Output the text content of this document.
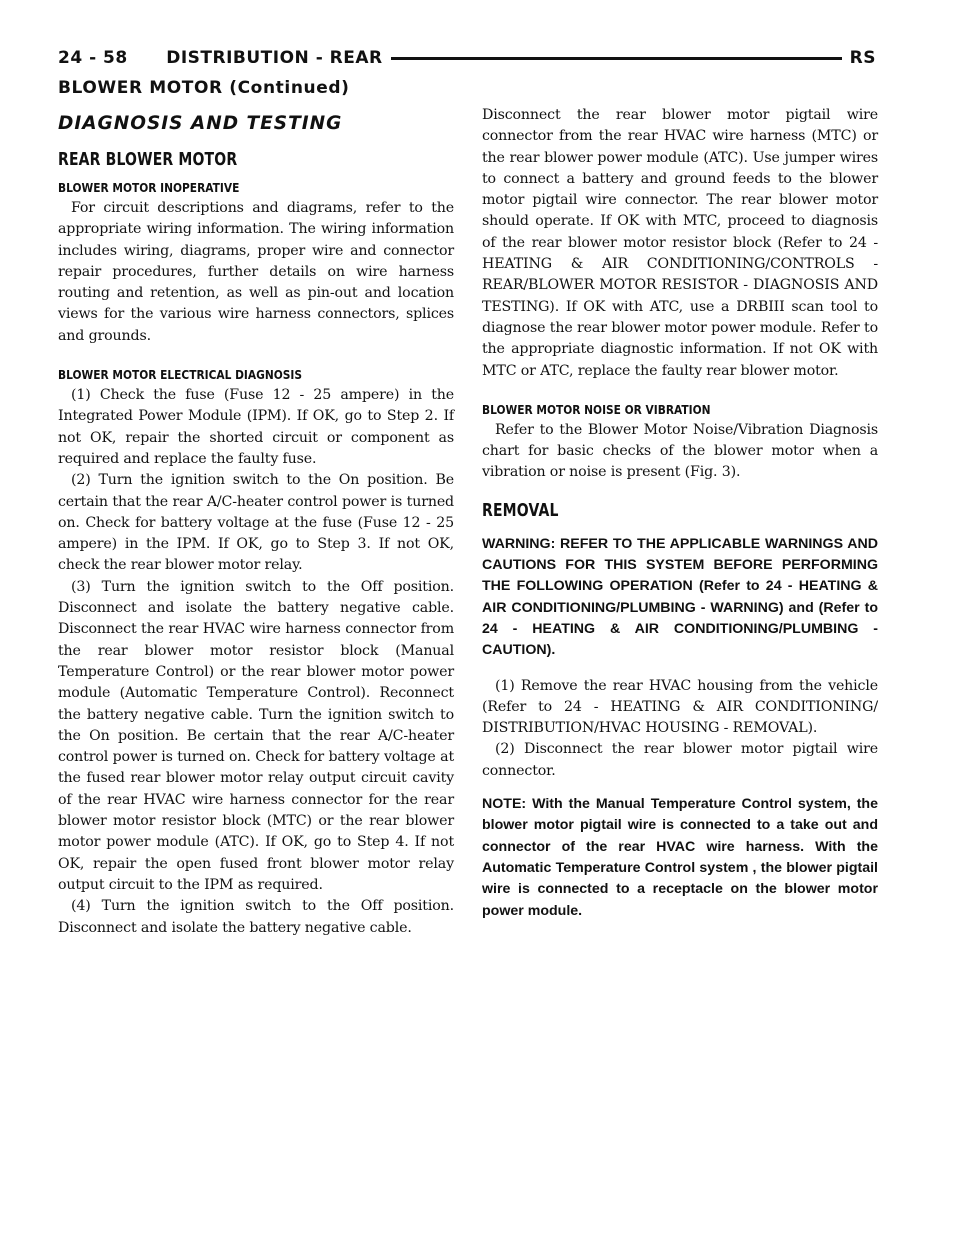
24 - 58      DISTRIBUTION - REAR	RS
BLOWER MOTOR (Continued)
DIAGNOSIS AND TESTING
REAR BLOWER MOTOR
BLOWER MOTOR INOPERATIVE

For circuit descriptions and diagrams, refer to the appropriate wiring information. The wiring information includes wiring, diagrams, proper wire and connector repair procedures, further details on wire harness routing and retention, as well as pin-out and location views for the various wire harness connectors, splices and grounds.

BLOWER MOTOR ELECTRICAL DIAGNOSIS

(1) Check the fuse (Fuse 12 - 25 ampere) in the Integrated Power Module (IPM). If OK, go to Step 2. If not OK, repair the shorted circuit or component as required and replace the faulty fuse.

(2) Turn the ignition switch to the On position. Be certain that the rear A/C-heater control power is turned on. Check for battery voltage at the fuse (Fuse 12 - 25 ampere) in the IPM. If OK, go to Step 3. If not OK, check the rear blower motor relay.

(3) Turn the ignition switch to the Off position. Disconnect and isolate the battery negative cable. Disconnect the rear HVAC wire harness connector from the rear blower motor resistor block (Manual Temperature Control) or the rear blower motor power module (Automatic Temperature Control). Reconnect the battery negative cable. Turn the ignition switch to the On position. Be certain that the rear A/C-heater control power is turned on. Check for battery voltage at the fused rear blower motor relay output circuit cavity of the rear HVAC wire harness connector for the rear blower motor resistor block (MTC) or the rear blower motor power module (ATC). If OK, go to Step 4. If not OK, repair the open fused front blower motor relay output circuit to the IPM as required.

(4) Turn the ignition switch to the Off position. Disconnect and isolate the battery negative cable.

Disconnect the rear blower motor pigtail wire connector from the rear HVAC wire harness (MTC) or the rear blower power module (ATC). Use jumper wires to connect a battery and ground feeds to the blower motor pigtail wire connector. The rear blower motor should operate. If OK with MTC, proceed to diagnosis of the rear blower motor resistor block (Refer to 24 - HEATING & AIR CONDITIONING/CONTROLS - REAR/BLOWER MOTOR RESISTOR - DIAGNOSIS AND TESTING). If OK with ATC, use a DRBIII scan tool to diagnose the rear blower motor power module. Refer to the appropriate diagnostic information. If not OK with MTC or ATC, replace the faulty rear blower motor.

BLOWER MOTOR NOISE OR VIBRATION

Refer to the Blower Motor Noise/Vibration Diagnosis chart for basic checks of the blower motor when a vibration or noise is present (Fig. 3).

REMOVAL

WARNING: REFER TO THE APPLICABLE WARNINGS AND CAUTIONS FOR THIS SYSTEM BEFORE PERFORMING THE FOLLOWING OPERATION (Refer to 24 - HEATING & AIR CONDITIONING/PLUMBING - WARNING) and (Refer to 24 - HEATING & AIR CONDITIONING/PLUMBING - CAUTION).

(1) Remove the rear HVAC housing from the vehicle (Refer to 24 - HEATING & AIR CONDITIONING/ DISTRIBUTION/HVAC HOUSING - REMOVAL).

(2) Disconnect the rear blower motor pigtail wire connector.

NOTE: With the Manual Temperature Control system, the blower motor pigtail wire is connected to a take out and connector of the rear HVAC wire harness. With the Automatic Temperature Control system , the blower pigtail wire is connected to a receptacle on the blower motor power module.
